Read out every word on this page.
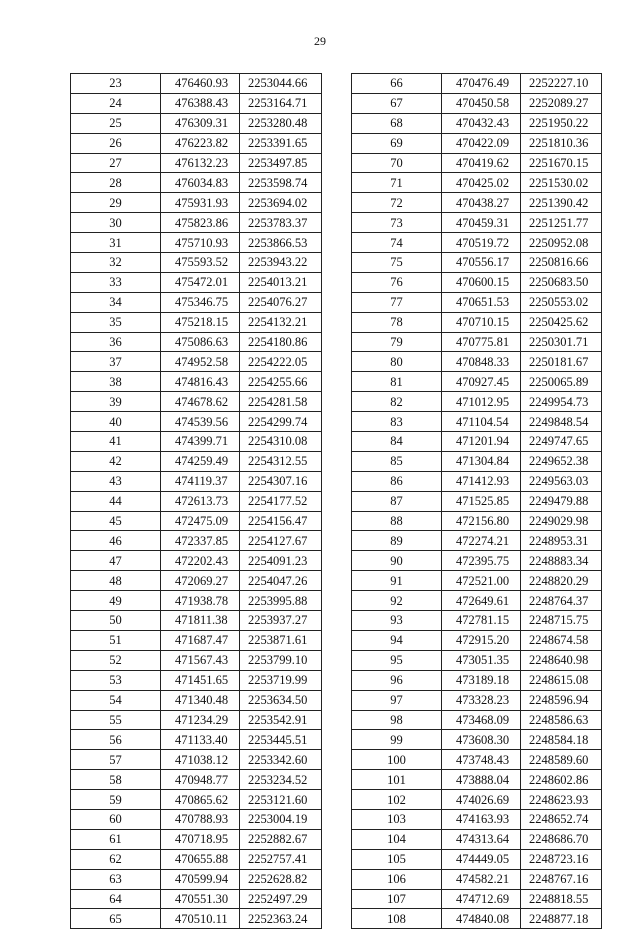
29
23	476460.93	2253044.66
24	476388.43	2253164.71
25	476309.31	2253280.48
26	476223.82	2253391.65
27	476132.23	2253497.85
28	476034.83	2253598.74
29	475931.93	2253694.02
30	475823.86	2253783.37
31	475710.93	2253866.53
32	475593.52	2253943.22
33	475472.01	2254013.21
34	475346.75	2254076.27
35	475218.15	2254132.21
36	475086.63	2254180.86
37	474952.58	2254222.05
38	474816.43	2254255.66
39	474678.62	2254281.58
40	474539.56	2254299.74
41	474399.71	2254310.08
42	474259.49	2254312.55
43	474119.37	2254307.16
44	472613.73	2254177.52
45	472475.09	2254156.47
46	472337.85	2254127.67
47	472202.43	2254091.23
48	472069.27	2254047.26
49	471938.78	2253995.88
50	471811.38	2253937.27
51	471687.47	2253871.61
52	471567.43	2253799.10
53	471451.65	2253719.99
54	471340.48	2253634.50
55	471234.29	2253542.91
56	471133.40	2253445.51
57	471038.12	2253342.60
58	470948.77	2253234.52
59	470865.62	2253121.60
60	470788.93	2253004.19
61	470718.95	2252882.67
62	470655.88	2252757.41
63	470599.94	2252628.82
64	470551.30	2252497.29
65	470510.11	2252363.24
66	470476.49	2252227.10
67	470450.58	2252089.27
68	470432.43	2251950.22
69	470422.09	2251810.36
70	470419.62	2251670.15
71	470425.02	2251530.02
72	470438.27	2251390.42
73	470459.31	2251251.77
74	470519.72	2250952.08
75	470556.17	2250816.66
76	470600.15	2250683.50
77	470651.53	2250553.02
78	470710.15	2250425.62
79	470775.81	2250301.71
80	470848.33	2250181.67
81	470927.45	2250065.89
82	471012.95	2249954.73
83	471104.54	2249848.54
84	471201.94	2249747.65
85	471304.84	2249652.38
86	471412.93	2249563.03
87	471525.85	2249479.88
88	472156.80	2249029.98
89	472274.21	2248953.31
90	472395.75	2248883.34
91	472521.00	2248820.29
92	472649.61	2248764.37
93	472781.15	2248715.75
94	472915.20	2248674.58
95	473051.35	2248640.98
96	473189.18	2248615.08
97	473328.23	2248596.94
98	473468.09	2248586.63
99	473608.30	2248584.18
100	473748.43	2248589.60
101	473888.04	2248602.86
102	474026.69	2248623.93
103	474163.93	2248652.74
104	474313.64	2248686.70
105	474449.05	2248723.16
106	474582.21	2248767.16
107	474712.69	2248818.55
108	474840.08	2248877.18
